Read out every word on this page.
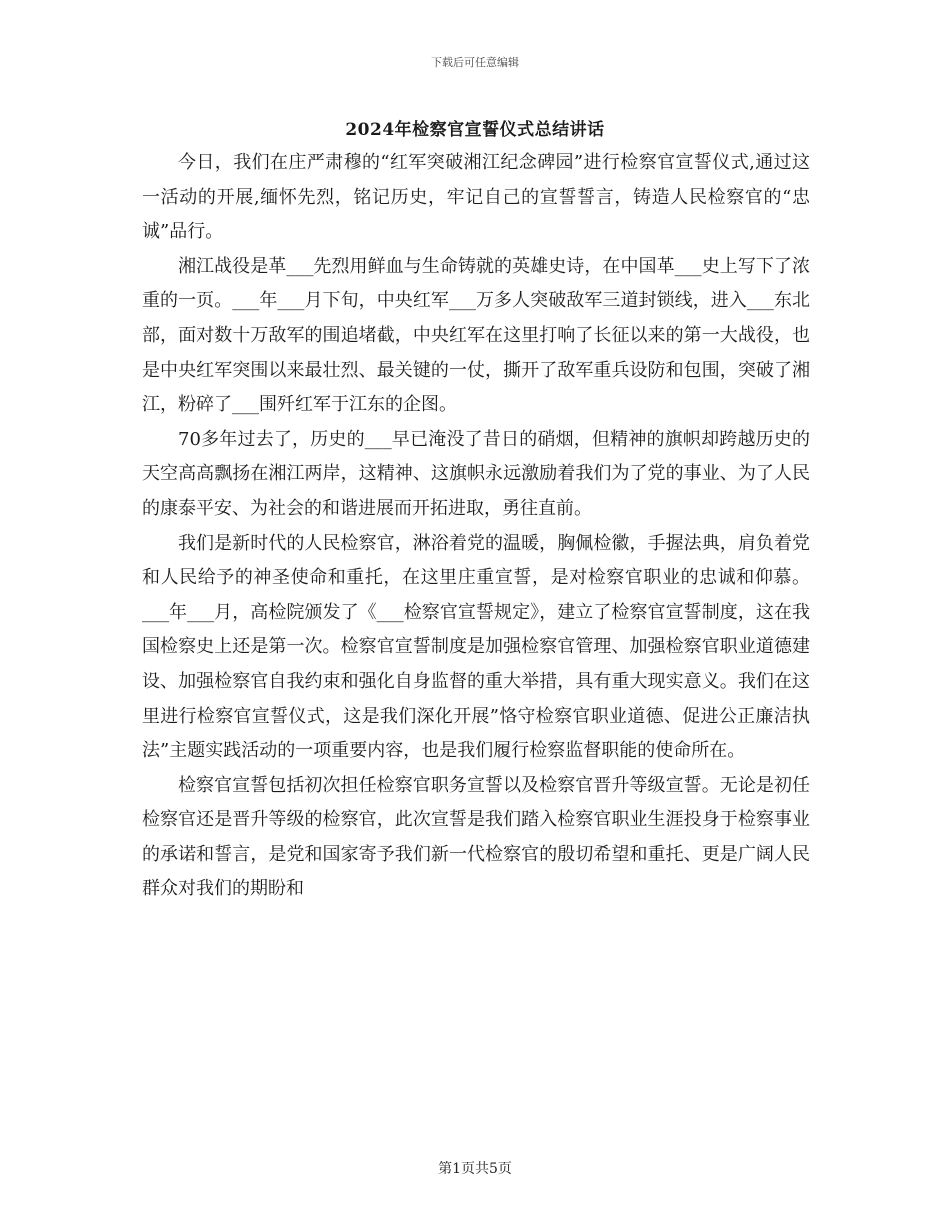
下载后可任意编辑
2024年检察官宣誓仪式总结讲话

今日，我们在庄严肃穆的“红军突破湘江纪念碑园”进行检察官宣誓仪式,通过这一活动的开展,缅怀先烈，铭记历史，牢记自己的宣誓誓言，铸造人民检察官的“忠诚”品行。

湘江战役是革___先烈用鲜血与生命铸就的英雄史诗，在中国革___史上写下了浓重的一页。___年___月下旬，中央红军___万多人突破敌军三道封锁线，进入___东北部，面对数十万敌军的围追堵截，中央红军在这里打响了长征以来的第一大战役，也是中央红军突围以来最壮烈、最关键的一仗，撕开了敌军重兵设防和包围，突破了湘江，粉碎了___围歼红军于江东的企图。

70多年过去了，历史的___早已淹没了昔日的硝烟，但精神的旗帜却跨越历史的天空高高飘扬在湘江两岸，这精神、这旗帜永远激励着我们为了党的事业、为了人民的康泰平安、为社会的和谐进展而开拓进取，勇往直前。

我们是新时代的人民检察官，淋浴着党的温暖，胸佩检徽，手握法典，肩负着党和人民给予的神圣使命和重托，在这里庄重宣誓，是对检察官职业的忠诚和仰慕。___年___月，高检院颁发了《___检察官宣誓规定》，建立了检察官宣誓制度，这在我国检察史上还是第一次。检察官宣誓制度是加强检察官管理、加强检察官职业道德建设、加强检察官自我约束和强化自身监督的重大举措，具有重大现实意义。我们在这里进行检察官宣誓仪式，这是我们深化开展”恪守检察官职业道德、促进公正廉洁执法”主题实践活动的一项重要内容，也是我们履行检察监督职能的使命所在。

检察官宣誓包括初次担任检察官职务宣誓以及检察官晋升等级宣誓。无论是初任检察官还是晋升等级的检察官，此次宣誓是我们踏入检察官职业生涯投身于检察事业的承诺和誓言，是党和国家寄予我们新一代检察官的殷切希望和重托、更是广阔人民群众对我们的期盼和

第1页共5页
